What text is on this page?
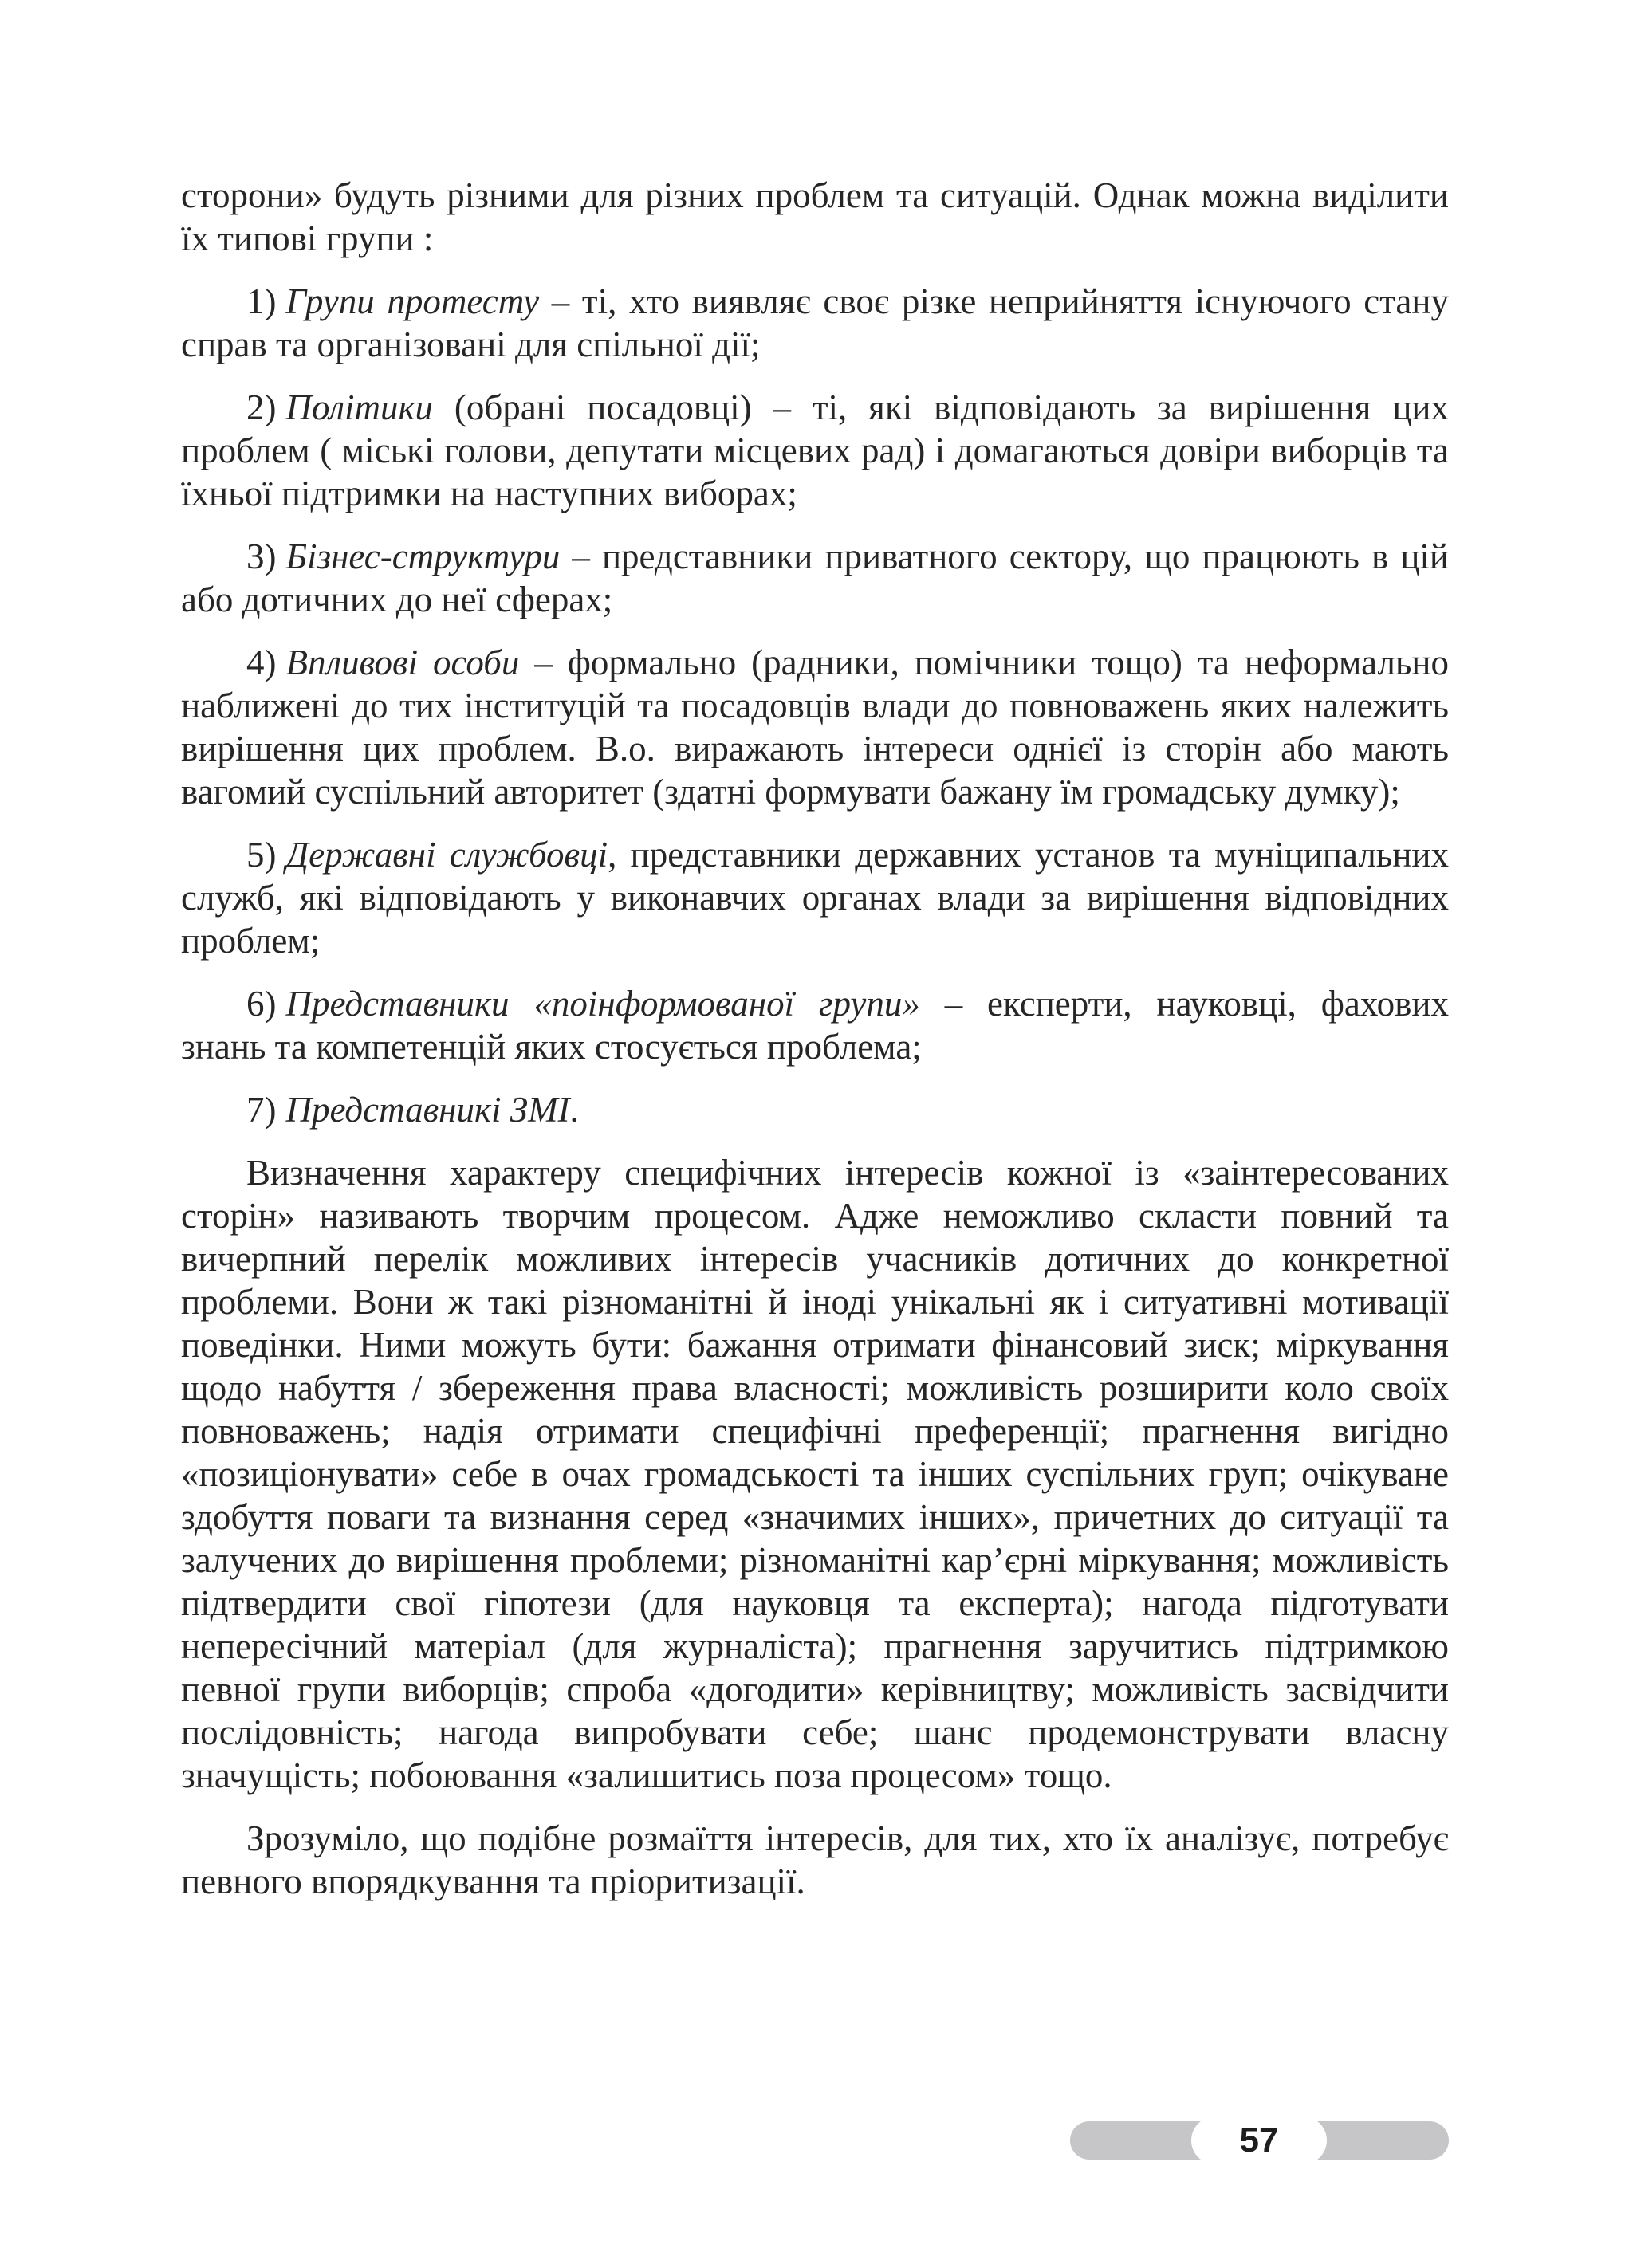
сторони» будуть різними для різних проблем та ситуацій. Однак можна виділити їх типові групи :

1) Групи протесту – ті, хто виявляє своє різке неприйняття існуючого стану справ та організовані для спільної дії;

2) Політики (обрані посадовці) – ті, які відповідають за вирішення цих проблем ( міські голови, депутати місцевих рад) і домагаються довіри виборців та їхньої підтримки на наступних виборах;

3) Бізнес-структури – представники приватного сектору, що працюють в цій або дотичних до неї сферах;

4) Впливові особи – формально (радники, помічники тощо) та неформально наближені до тих інституцій та посадовців влади до повноважень яких належить вирішення цих проблем. В.о. виражають інтереси однієї із сторін або мають вагомий суспільний авторитет (здатні формувати бажану їм громадську думку);

5) Державні службовці, представники державних установ та муніципальних служб, які відповідають у виконавчих органах влади за вирішення відповідних проблем;

6) Представники «поінформованої групи» – експерти, науковці, фахових знань та компетенцій яких стосується проблема;

7) Представникі ЗМІ.

Визначення характеру специфічних інтересів кожної із «заінтересованих сторін» називають творчим процесом. Адже неможливо скласти повний та вичерпний перелік можливих інтересів учасників дотичних до конкретної проблеми. Вони ж такі різноманітні й іноді унікальні як і ситуативні мотивації поведінки. Ними можуть бути: бажання отримати фінансовий зиск; міркування щодо набуття / збереження права власності; можливість розширити коло своїх повноважень; надія отримати специфічні преференції; прагнення вигідно «позиціонувати» себе в очах громадськості та інших суспільних груп; очікуване здобуття поваги та визнання серед «значимих інших», причетних до ситуації та залучених до вирішення проблеми; різноманітні кар’єрні міркування; можливість підтвердити свої гіпотези (для науковця та експерта); нагода підготувати непересічний матеріал (для журналіста); прагнення заручитись підтримкою певної групи виборців; спроба «догодити» керівництву; можливість засвідчити послідовність; нагода випробувати себе; шанс продемонструвати власну значущість; побоювання «залишитись поза процесом» тощо.

Зрозуміло, що подібне розмаїття інтересів, для тих, хто їх аналізує, потребує певного впорядкування та пріоритизації.

57
